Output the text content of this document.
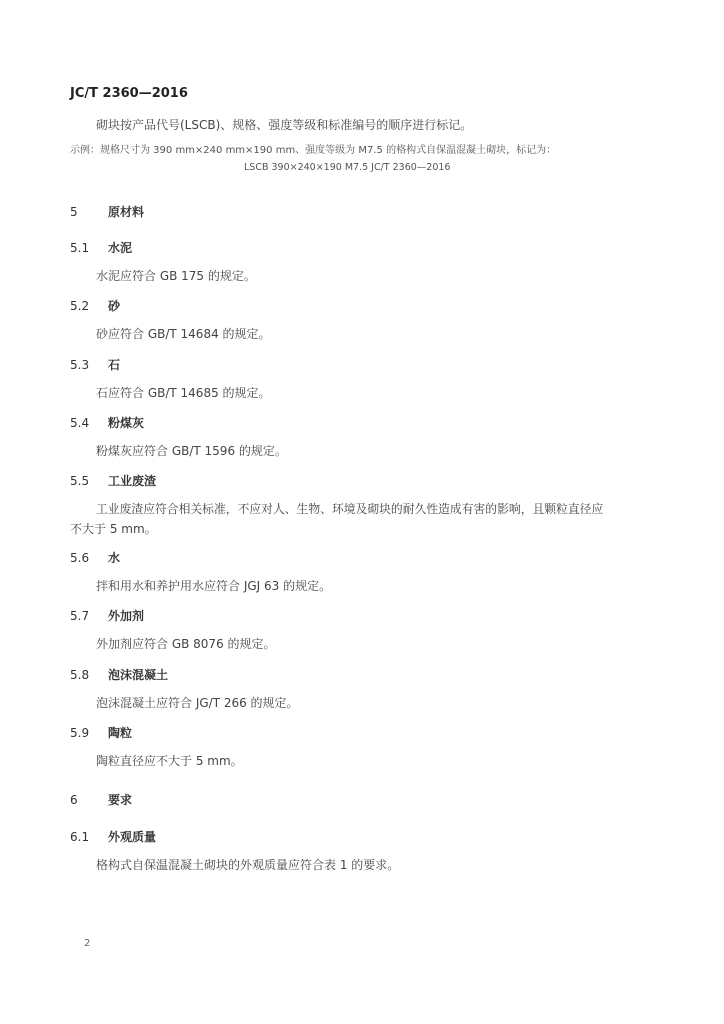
JC/T 2360—2016
砌块按产品代号(LSCB)、规格、强度等级和标准编号的顺序进行标记。
示例：规格尺寸为 390 mm×240 mm×190 mm、强度等级为 M7.5 的格构式自保温混凝土砌块，标记为：
LSCB 390×240×190 M7.5 JC/T 2360—2016
5	原材料
5.1 水泥
水泥应符合 GB 175 的规定。
5.2 砂
砂应符合 GB/T 14684 的规定。
5.3 石
石应符合 GB/T 14685 的规定。
5.4 粉煤灰
粉煤灰应符合 GB/T 1596 的规定。
5.5 工业废渣
工业废渣应符合相关标准，不应对人、生物、环境及砌块的耐久性造成有害的影响，且颗粒直径应
不大于 5 mm。
5.6 水
拌和用水和养护用水应符合 JGJ 63 的规定。
5.7 外加剂
外加剂应符合 GB 8076 的规定。
5.8 泡沫混凝土
泡沫混凝土应符合 JG/T 266 的规定。
5.9 陶粒
陶粒直径应不大于 5 mm。
6	要求
6.1 外观质量
格构式自保温混凝土砌块的外观质量应符合表 1 的要求。
2
